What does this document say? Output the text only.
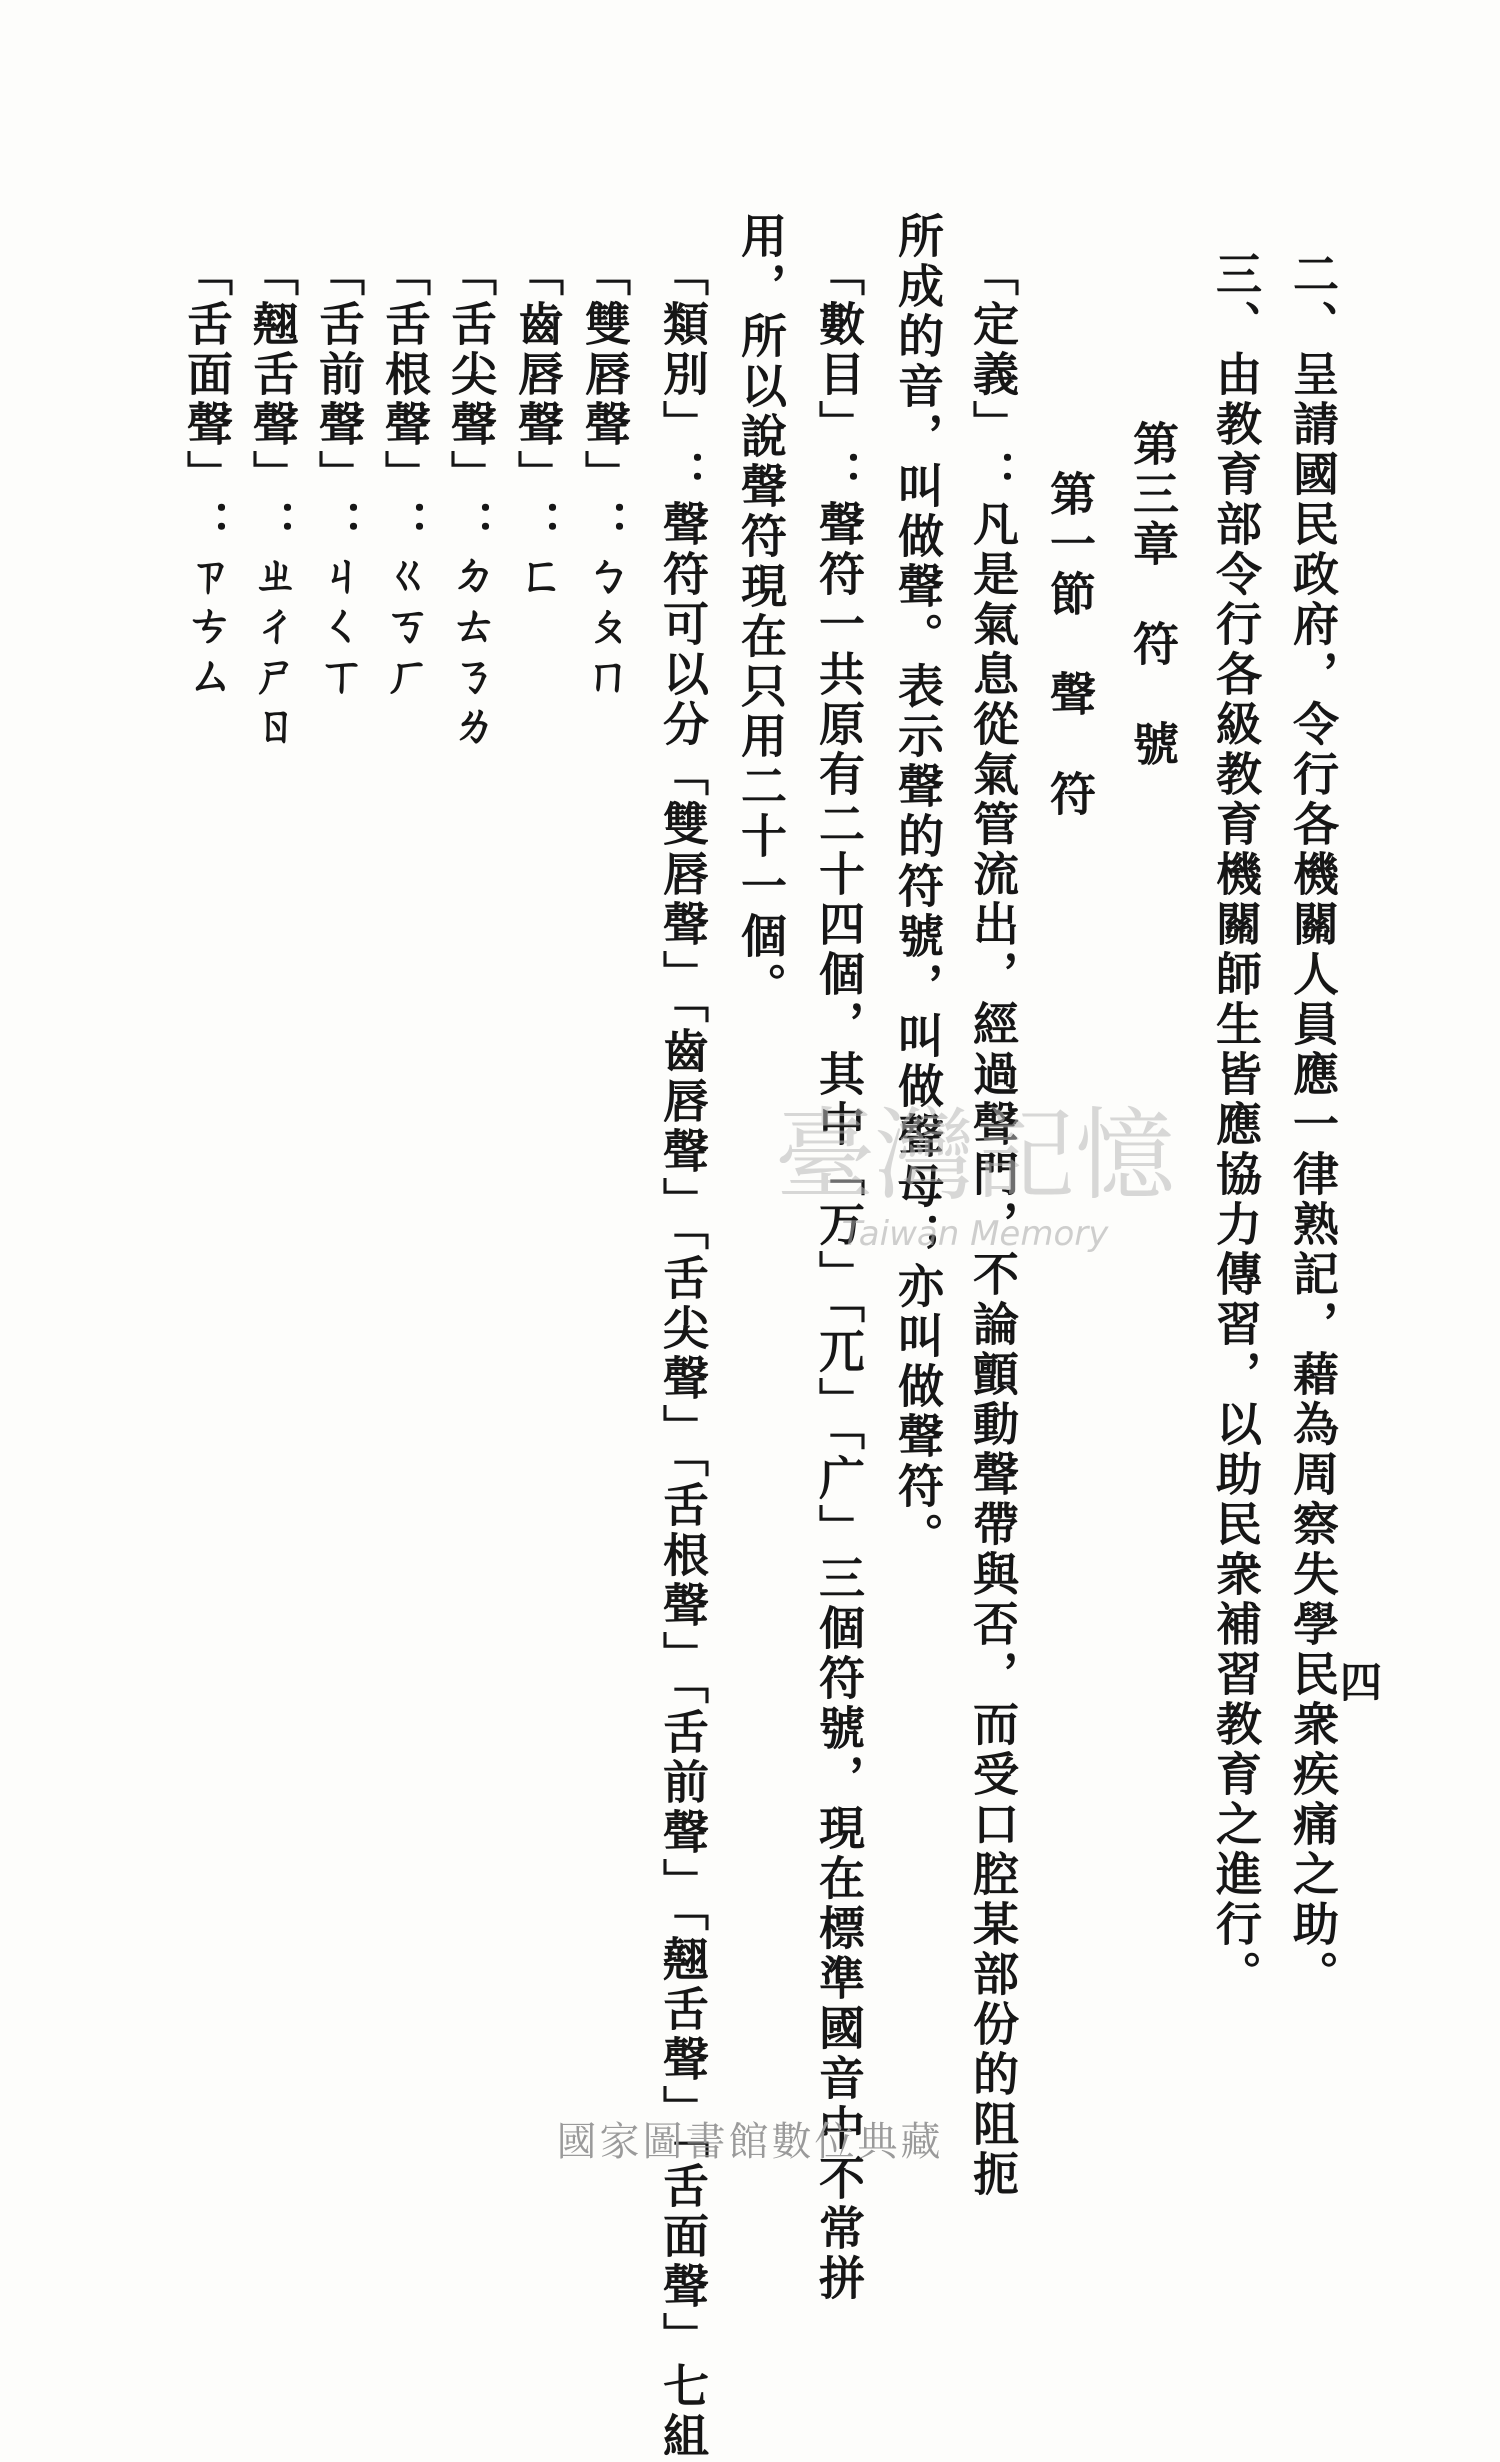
四
二、呈請國民政府，令行各機關人員應一律熟記，藉為周察失學民衆疾痛之助。
三、由教育部令行各級教育機關師生皆應協力傳習，以助民衆補習教育之進行。
第三章　符　號
第一節　聲　符
「定義」：凡是氣息從氣管流出，經過聲門，不論顫動聲帶與否，而受口腔某部份的阻扼
所成的音，叫做聲。表示聲的符號，叫做聲母；亦叫做聲符。
「數目」：聲符一共原有二十四個，其中「万」「兀」「广」三個符號，現在標準國音中不常拼
用，所以說聲符現在只用二十一個。
「類別」：聲符可以分「雙唇聲」「齒唇聲」「舌尖聲」「舌根聲」「舌前聲」「翹舌聲」「舌面聲」七組
「雙唇聲」：ㄅㄆㄇ
「齒唇聲」：ㄈ
「舌尖聲」：ㄉㄊㄋㄌ
「舌根聲」：ㄍㄎㄏ
「舌前聲」：ㄐㄑㄒ
「翹舌聲」：ㄓㄔㄕㄖ
「舌面聲」：ㄗㄘㄙ
臺灣記憶
Taiwan Memory
國家圖書館數位典藏
